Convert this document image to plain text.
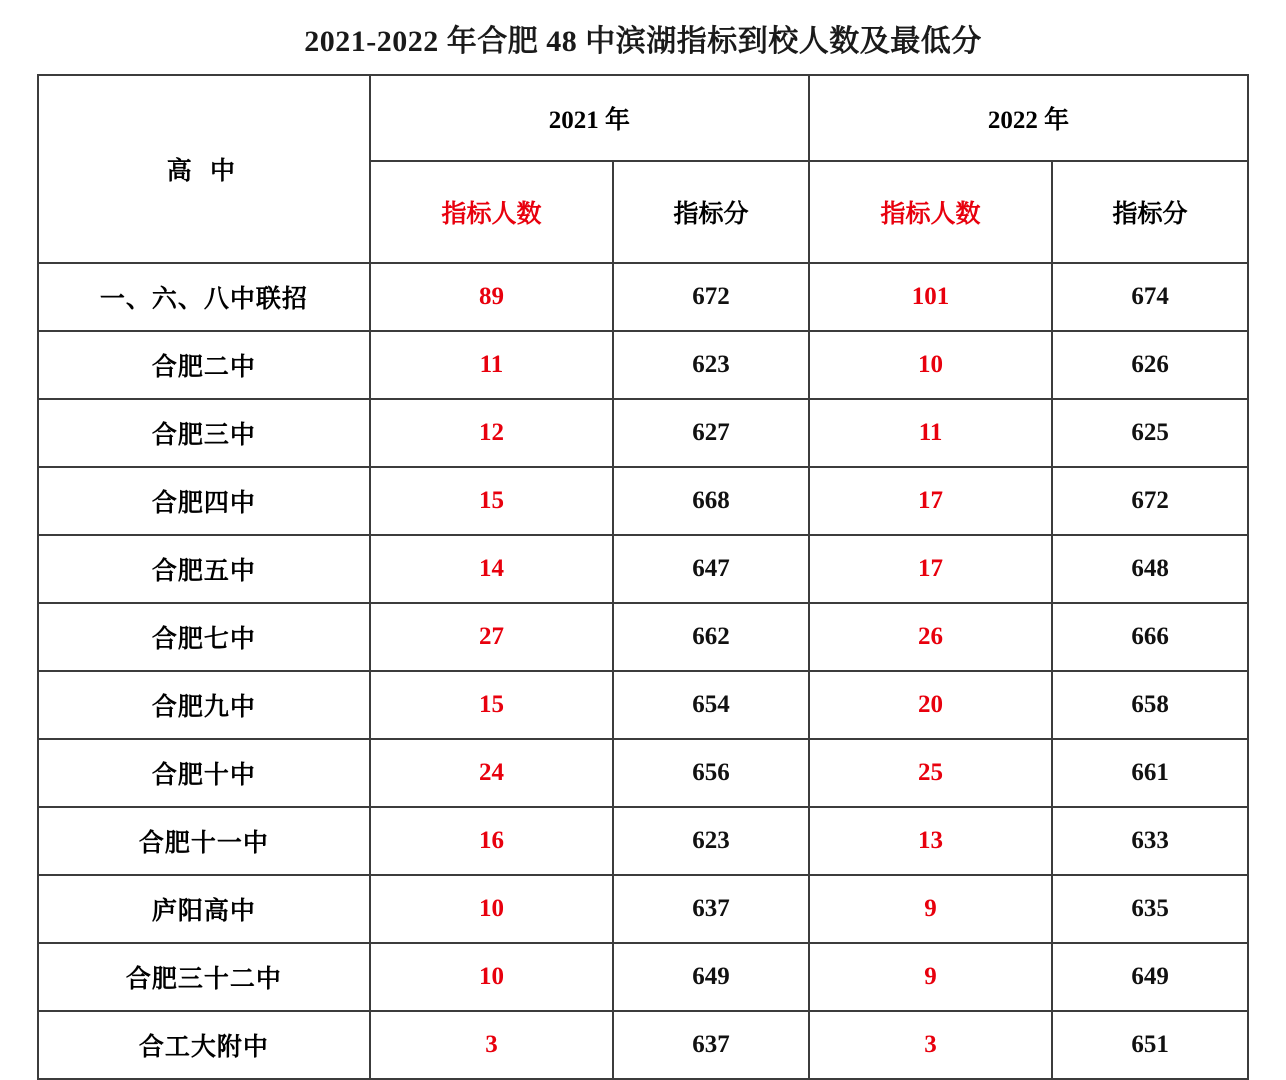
2021-2022 年合肥 48 中滨湖指标到校人数及最低分
高 中	2021 年		2022 年	
	指标人数	指标分	指标人数	指标分
一、六、八中联招	89	672	101	674
合肥二中	11	623	10	626
合肥三中	12	627	11	625
合肥四中	15	668	17	672
合肥五中	14	647	17	648
合肥七中	27	662	26	666
合肥九中	15	654	20	658
合肥十中	24	656	25	661
合肥十一中	16	623	13	633
庐阳高中	10	637	9	635
合肥三十二中	10	649	9	649
合工大附中	3	637	3	651
